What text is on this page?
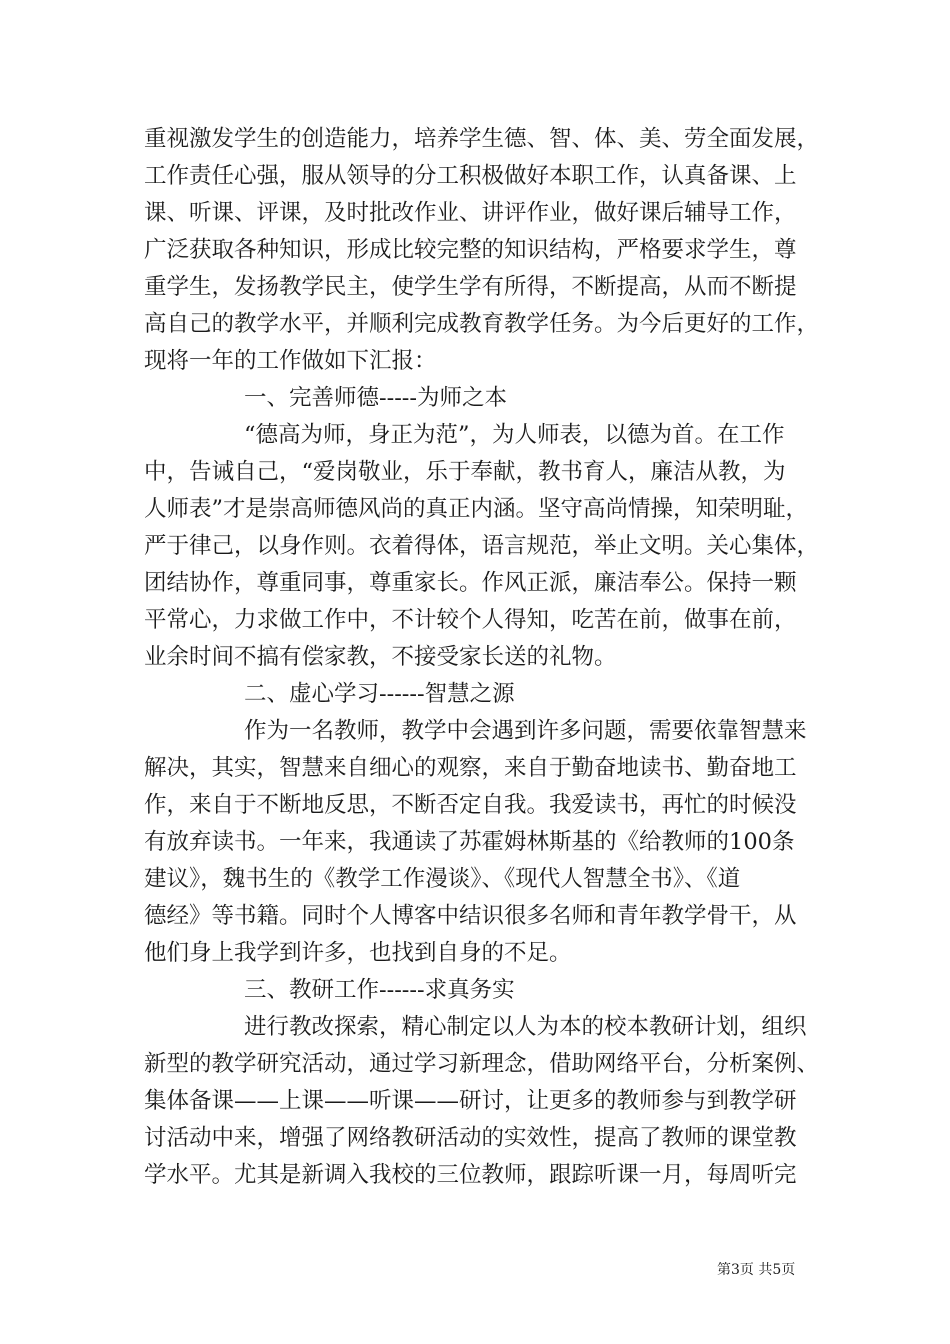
重视激发学生的创造能力，培养学生德、智、体、美、劳全面发展，
工作责任心强，服从领导的分工积极做好本职工作，认真备课、上
课、听课、评课，及时批改作业、讲评作业，做好课后辅导工作，
广泛获取各种知识，形成比较完整的知识结构，严格要求学生，尊
重学生，发扬教学民主，使学生学有所得，不断提高，从而不断提
高自己的教学水平，并顺利完成教育教学任务。为今后更好的工作，
现将一年的工作做如下汇报：
一、完善师德-----为师之本
“德高为师，身正为范”，为人师表，以德为首。在工作
中，告诫自己，“爱岗敬业，乐于奉献，教书育人，廉洁从教，为
人师表”才是崇高师德风尚的真正内涵。坚守高尚情操，知荣明耻，
严于律己，以身作则。衣着得体，语言规范，举止文明。关心集体，
团结协作，尊重同事，尊重家长。作风正派，廉洁奉公。保持一颗
平常心，力求做工作中，不计较个人得知，吃苦在前，做事在前，
业余时间不搞有偿家教，不接受家长送的礼物。
二、虚心学习------智慧之源
作为一名教师，教学中会遇到许多问题，需要依靠智慧来
解决，其实，智慧来自细心的观察，来自于勤奋地读书、勤奋地工
作，来自于不断地反思，不断否定自我。我爱读书，再忙的时候没
有放弃读书。一年来，我通读了苏霍姆林斯基的《给教师的100条
建议》，魏书生的《教学工作漫谈》、《现代人智慧全书》、《道
德经》等书籍。同时个人博客中结识很多名师和青年教学骨干，从
他们身上我学到许多，也找到自身的不足。
三、教研工作------求真务实
进行教改探索，精心制定以人为本的校本教研计划，组织
新型的教学研究活动，通过学习新理念，借助网络平台，分析案例、
集体备课——上课——听课——研讨，让更多的教师参与到教学研
讨活动中来，增强了网络教研活动的实效性，提高了教师的课堂教
学水平。尤其是新调入我校的三位教师，跟踪听课一月，每周听完
第3页 共5页
